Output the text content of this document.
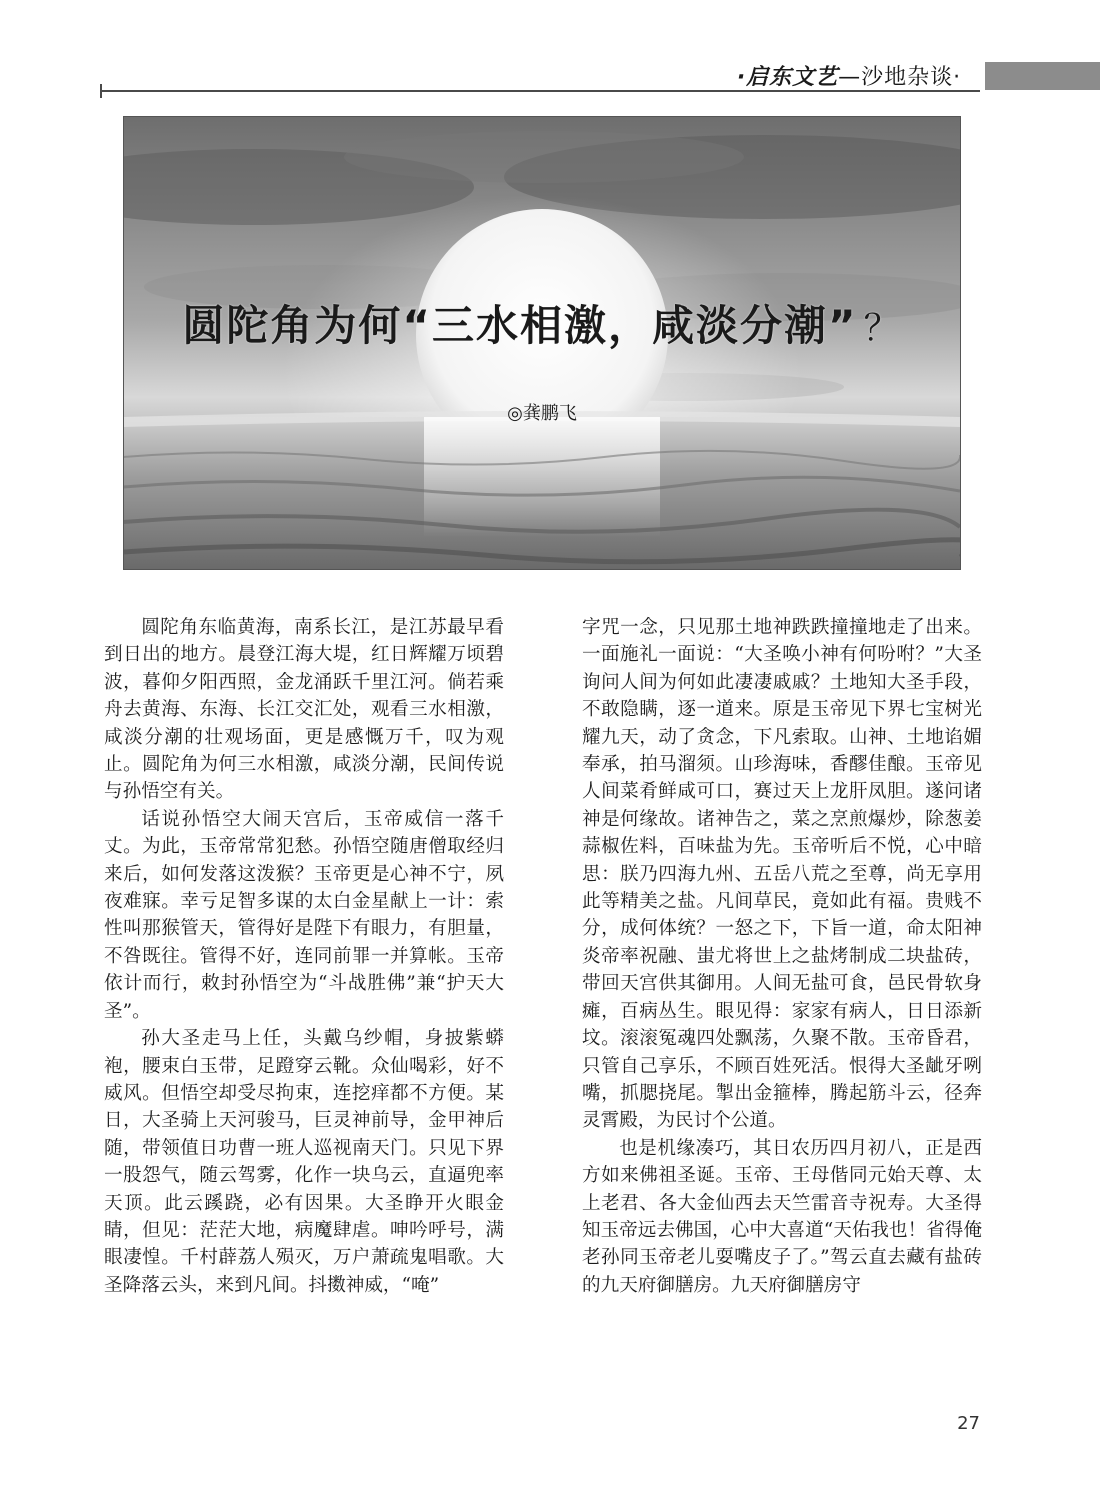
·启东文艺 —沙地杂谈·
圆陀角为何“三水相激，咸淡分潮” ？
◎龚鹏飞

圆陀角东临黄海，南系长江，是江苏最早看到日出的地方。晨登江海大堤，红日辉耀万顷碧波，暮仰夕阳西照，金龙涌跃千里江河。倘若乘舟去黄海、东海、长江交汇处，观看三水相激，咸淡分潮的壮观场面，更是感慨万千，叹为观止。圆陀角为何三水相激，咸淡分潮，民间传说与孙悟空有关。

话说孙悟空大闹天宫后，玉帝威信一落千丈。为此，玉帝常常犯愁。孙悟空随唐僧取经归来后，如何发落这泼猴？玉帝更是心神不宁，夙夜难寐。幸亏足智多谋的太白金星献上一计：索性叫那猴管天，管得好是陛下有眼力，有胆量，不咎既往。管得不好，连同前罪一并算帐。玉帝依计而行，敕封孙悟空为“斗战胜佛”兼“护天大圣”。

孙大圣走马上任，头戴乌纱帽，身披紫蟒袍，腰束白玉带，足蹬穿云靴。众仙喝彩，好不威风。但悟空却受尽拘束，连挖痒都不方便。某日，大圣骑上天河骏马，巨灵神前导，金甲神后随，带领值日功曹一班人巡视南天门。只见下界一股怨气，随云驾雾，化作一块乌云，直逼兜率天顶。此云蹊跷，必有因果。大圣睁开火眼金睛，但见：茫茫大地，病魔肆虐。呻吟呼号，满眼凄惶。千村薜荔人殒灭，万户萧疏鬼唱歌。大圣降落云头，来到凡间。抖擞神威，“唵”

字咒一念，只见那土地神跌跌撞撞地走了出来。一面施礼一面说：“大圣唤小神有何吩咐？”大圣询问人间为何如此凄凄戚戚？土地知大圣手段，不敢隐瞒，逐一道来。原是玉帝见下界七宝树光耀九天，动了贪念，下凡索取。山神、土地谄媚奉承，拍马溜须。山珍海味，香醪佳酿。玉帝见人间菜肴鲜咸可口，赛过天上龙肝凤胆。遂问诸神是何缘故。诸神告之，菜之烹煎爆炒，除葱姜蒜椒佐料，百味盐为先。玉帝听后不悦，心中暗思：朕乃四海九州、五岳八荒之至尊，尚无享用此等精美之盐。凡间草民，竟如此有福。贵贱不分，成何体统？一怒之下，下旨一道，命太阳神炎帝率祝融、蚩尤将世上之盐烤制成二块盐砖，带回天宫供其御用。人间无盐可食，邑民骨软身瘫，百病丛生。眼见得：家家有病人，日日添新坟。滚滚冤魂四处飘荡，久聚不散。玉帝昏君，只管自己享乐，不顾百姓死活。恨得大圣龇牙咧嘴，抓腮挠尾。掣出金箍棒，腾起筋斗云，径奔灵霄殿，为民讨个公道。

也是机缘凑巧，其日农历四月初八，正是西方如来佛祖圣诞。玉帝、王母偕同元始天尊、太上老君、各大金仙西去天竺雷音寺祝寿。大圣得知玉帝远去佛国，心中大喜道“天佑我也！省得俺老孙同玉帝老儿耍嘴皮子了。”驾云直去藏有盐砖的九天府御膳房。九天府御膳房守

27
